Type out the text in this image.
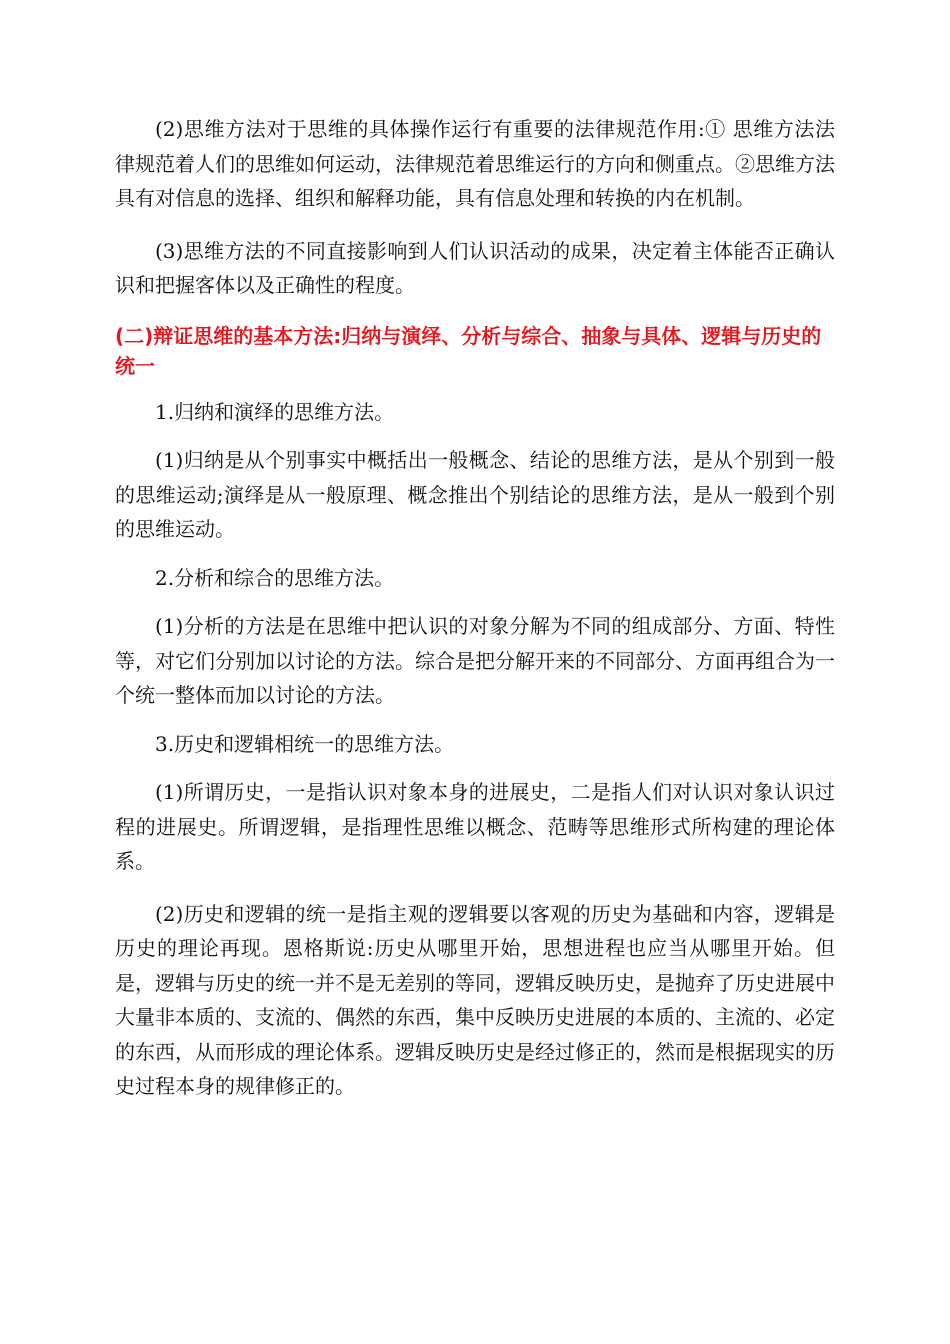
(2)思维方法对于思维的具体操作运行有重要的法律规范作用:① 思维方法法律规范着人们的思维如何运动，法律规范着思维运行的方向和侧重点。②思维方法具有对信息的选择、组织和解释功能，具有信息处理和转换的内在机制。

(3)思维方法的不同直接影响到人们认识活动的成果，决定着主体能否正确认识和把握客体以及正确性的程度。

(二)辩证思维的基本方法:归纳与演绎、分析与综合、抽象与具体、逻辑与历史的统一

1.归纳和演绎的思维方法。

(1)归纳是从个别事实中概括出一般概念、结论的思维方法，是从个别到一般的思维运动;演绎是从一般原理、概念推出个别结论的思维方法，是从一般到个别的思维运动。

2.分析和综合的思维方法。

(1)分析的方法是在思维中把认识的对象分解为不同的组成部分、方面、特性等，对它们分别加以讨论的方法。综合是把分解开来的不同部分、方面再组合为一个统一整体而加以讨论的方法。

3.历史和逻辑相统一的思维方法。

(1)所谓历史，一是指认识对象本身的进展史，二是指人们对认识对象认识过程的进展史。所谓逻辑，是指理性思维以概念、范畴等思维形式所构建的理论体系。

(2)历史和逻辑的统一是指主观的逻辑要以客观的历史为基础和内容，逻辑是历史的理论再现。恩格斯说:历史从哪里开始，思想进程也应当从哪里开始。但是，逻辑与历史的统一并不是无差别的等同，逻辑反映历史，是抛弃了历史进展中大量非本质的、支流的、偶然的东西，集中反映历史进展的本质的、主流的、必定的东西，从而形成的理论体系。逻辑反映历史是经过修正的，然而是根据现实的历史过程本身的规律修正的。
